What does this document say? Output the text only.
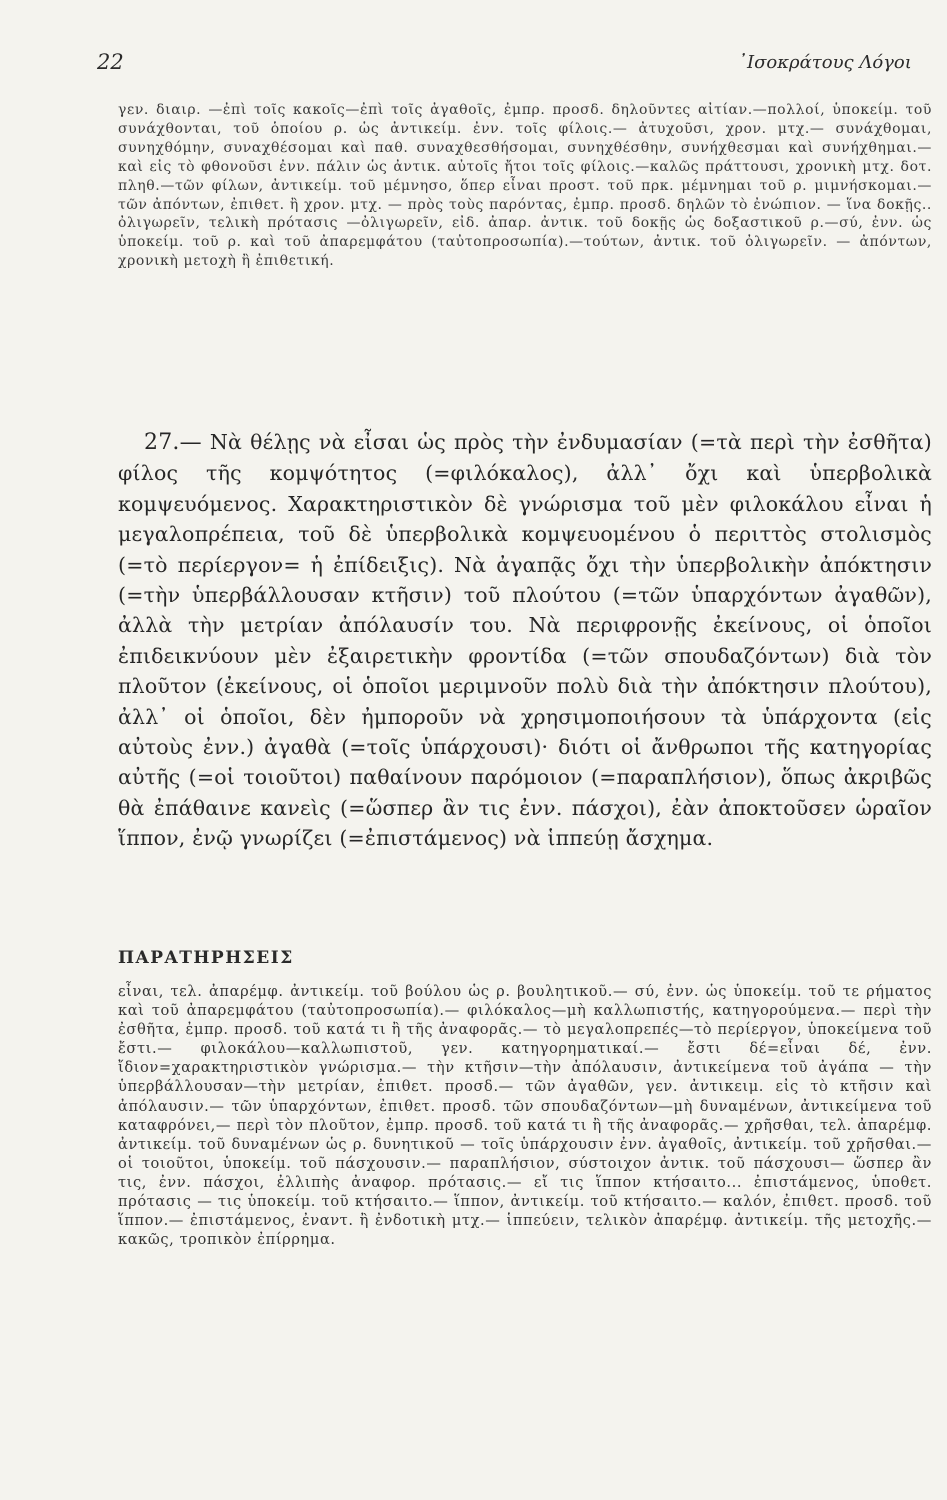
22	᾿Ισοκράτους Λόγοι
γεν. διαιρ. —ἐπὶ τοῖς κακοῖς—ἐπὶ τοῖς ἀγαθοῖς, ἐμπρ. προσδ. δηλοῦντες αἰτίαν.—πολλοί, ὑποκείμ. τοῦ συνάχθονται, τοῦ ὁποίου ρ. ὡς ἀντικείμ. ἐνν. τοῖς φίλοις.— ἀτυχοῦσι, χρον. μτχ.— συνάχθομαι, συνηχθόμην, συναχθέσομαι καὶ παθ. συναχθεσθήσομαι, συνηχθέσθην, συνήχθεσμαι καὶ συνήχθημαι.—καὶ εἰς τὸ φθονοῦσι ἐνν. πάλιν ὡς ἀντικ. αὐτοῖς ἤτοι τοῖς φίλοις.—καλῶς πράττουσι, χρονικὴ μτχ. δοτ. πληθ.—τῶν φίλων, ἀντικείμ. τοῦ μέμνησο, ὅπερ εἶναι προστ. τοῦ πρκ. μέμνημαι τοῦ ρ. μιμνήσκομαι.—τῶν ἀπόντων, ἐπιθετ. ἢ χρον. μτχ. — πρὸς τοὺς παρόντας, ἐμπρ. προσδ. δηλῶν τὸ ἐνώπιον. — ἵνα δοκῇς.. ὀλιγωρεῖν, τελικὴ πρότασις —ὀλιγωρεῖν, εἰδ. ἀπαρ. ἀντικ. τοῦ δοκῇς ὡς δοξαστικοῦ ρ.—σύ, ἐνν. ὡς ὑποκείμ. τοῦ ρ. καὶ τοῦ ἀπαρεμφάτου (ταὐτοπροσωπία).—τούτων, ἀντικ. τοῦ ὀλιγωρεῖν. — ἀπόντων, χρονικὴ μετοχὴ ἢ ἐπιθετική.
27.— Νὰ θέλῃς νὰ εἶσαι ὡς πρὸς τὴν ἐνδυμασίαν (=τὰ περὶ τὴν ἐσθῆτα) φίλος τῆς κομψότητος (=φιλόκαλος), ἀλλ᾿ ὄχι καὶ ὑπερβολικὰ κομψευόμενος. Χαρακτηριστικὸν δὲ γνώρισμα τοῦ μὲν φιλοκάλου εἶναι ἡ μεγαλοπρέπεια, τοῦ δὲ ὑπερβολικὰ κομψευομένου ὁ περιττὸς στολισμὸς (=τὸ περίεργον= ἡ ἐπίδειξις). Νὰ ἀγαπᾷς ὄχι τὴν ὑπερβολικὴν ἀπόκτησιν (=τὴν ὑπερβάλλουσαν κτῆσιν) τοῦ πλούτου (=τῶν ὑπαρχόντων ἀγαθῶν), ἀλλὰ τὴν μετρίαν ἀπόλαυσίν του. Νὰ περιφρονῇς ἐκείνους, οἱ ὁποῖοι ἐπιδεικνύουν μὲν ἐξαιρετικὴν φροντίδα (=τῶν σπουδαζόντων) διὰ τὸν πλοῦτον (ἐκείνους, οἱ ὁποῖοι μεριμνοῦν πολὺ διὰ τὴν ἀπόκτησιν πλούτου), ἀλλ᾿ οἱ ὁποῖοι, δὲν ἠμποροῦν νὰ χρησιμοποιήσουν τὰ ὑπάρχοντα (εἰς αὐτοὺς ἐνν.) ἀγαθὰ (=τοῖς ὑπάρχουσι)· διότι οἱ ἄνθρωποι τῆς κατηγορίας αὐτῆς (=οἱ τοιοῦτοι) παθαίνουν παρόμοιον (=παραπλήσιον), ὅπως ἀκριβῶς θὰ ἐπάθαινε κανεὶς (=ὥσπερ ἂν τις ἐνν. πάσχοι), ἐὰν ἀποκτοῦσεν ὡραῖον ἵππον, ἐνῷ γνωρίζει (=ἐπιστάμενος) νὰ ἱππεύῃ ἄσχημα.
ΠΑΡΑΤΗΡΗΣΕΙΣ
εἶναι, τελ. ἀπαρέμφ. ἀντικείμ. τοῦ βούλου ὡς ρ. βουλητικοῦ.— σύ, ἐνν. ὡς ὑποκείμ. τοῦ τε ρήματος καὶ τοῦ ἀπαρεμφάτου (ταὐτοπροσωπία).— φιλόκαλος—μὴ καλλωπιστής, κατηγορούμενα.— περὶ τὴν ἐσθῆτα, ἐμπρ. προσδ. τοῦ κατά τι ἢ τῆς ἀναφορᾶς.— τὸ μεγαλοπρεπές—τὸ περίεργον, ὑποκείμενα τοῦ ἔστι.— φιλοκάλου—καλλωπιστοῦ, γεν. κατηγορηματικαί.— ἔστι δέ=εἶναι δέ, ἐνν. ἴδιον=χαρακτηριστικὸν γνώρισμα.— τὴν κτῆσιν—τὴν ἀπόλαυσιν, ἀντικείμενα τοῦ ἀγάπα — τὴν ὑπερβάλλουσαν—τὴν μετρίαν, ἐπιθετ. προσδ.— τῶν ἀγαθῶν, γεν. ἀντικειμ. εἰς τὸ κτῆσιν καὶ ἀπόλαυσιν.— τῶν ὑπαρχόντων, ἐπιθετ. προσδ. τῶν σπουδαζόντων—μὴ δυναμένων, ἀντικείμενα τοῦ καταφρόνει,— περὶ τὸν πλοῦτον, ἐμπρ. προσδ. τοῦ κατά τι ἢ τῆς ἀναφορᾶς.— χρῆσθαι, τελ. ἀπαρέμφ. ἀντικείμ. τοῦ δυναμένων ὡς ρ. δυνητικοῦ — τοῖς ὑπάρχουσιν ἐνν. ἀγαθοῖς, ἀντικείμ. τοῦ χρῆσθαι.— οἱ τοιοῦτοι, ὑποκείμ. τοῦ πάσχουσιν.— παραπλήσιον, σύστοιχον ἀντικ. τοῦ πάσχουσι— ὥσπερ ἂν τις, ἐνν. πάσχοι, ἐλλιπὴς ἀναφορ. πρότασις.— εἴ τις ἵππον κτήσαιτο... ἐπιστάμενος, ὑποθετ. πρότασις — τις ὑποκείμ. τοῦ κτήσαιτο.— ἵππον, ἀντικείμ. τοῦ κτήσαιτο.— καλόν, ἐπιθετ. προσδ. τοῦ ἵππον.— ἐπιστάμενος, ἐναντ. ἢ ἐνδοτικὴ μτχ.— ἱππεύειν, τελικὸν ἀπαρέμφ. ἀντικείμ. τῆς μετοχῆς.— κακῶς, τροπικὸν ἐπίρρημα.
